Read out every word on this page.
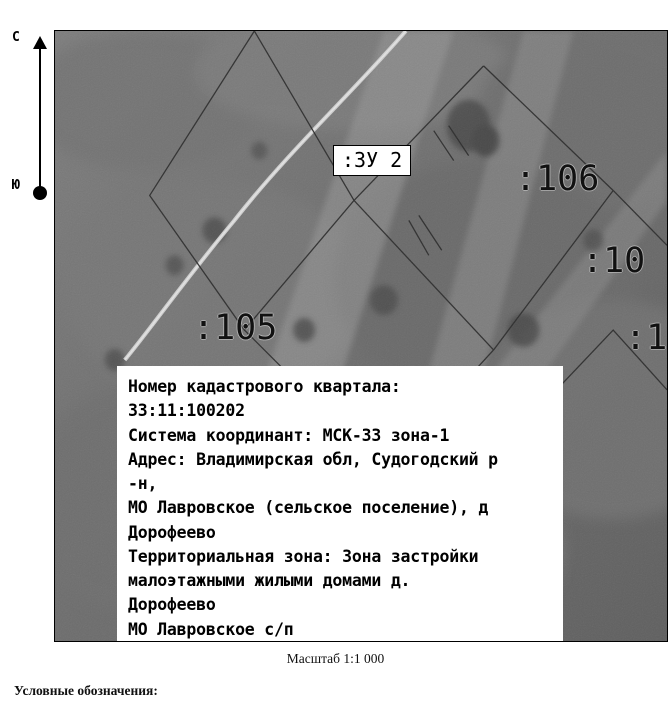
С
Ю	:106
:10
:1
:105
:ЗУ 2
Номер кадастрового квартала:
33:11:100202
Система координант: МСК-33 зона-1
Адрес: Владимирская обл, Судогодский р
-н,
МО Лавровское (сельское поселение), д
Дорофеево
Территориальная зона: Зона застройки
малоэтажными жилыми домами д.
Дорофеево
МО Лавровское с/п
Масштаб 1:1 000
Условные обозначения:
